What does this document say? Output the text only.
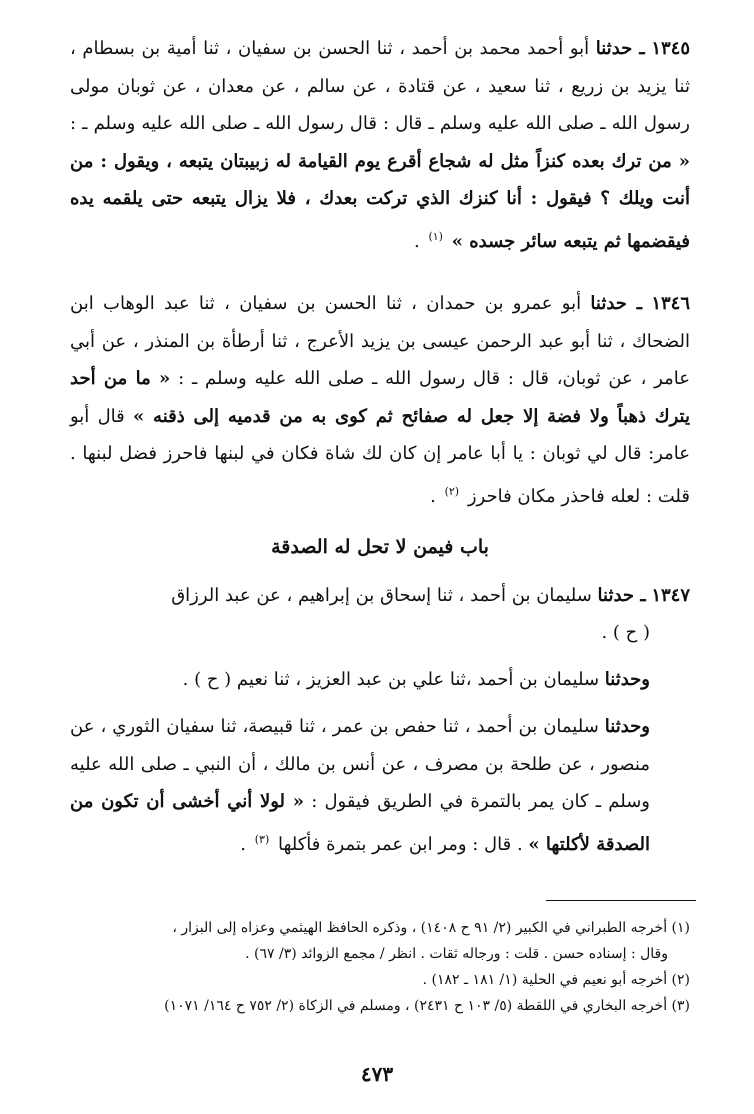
١٣٤٥ ـ حدثنا أبو أحمد محمد بن أحمد ، ثنا الحسن بن سفيان ، ثنا أمية بن بسطام ، ثنا يزيد بن زريع ، ثنا سعيد ، عن قتادة ، عن سالم ، عن معدان ، عن ثوبان مولى رسول الله ـ صلى الله عليه وسلم ـ قال : قال رسول الله ـ صلى الله عليه وسلم ـ : « من ترك بعده كنزاً مثل له شجاع أقرع يوم القيامة له زبيبتان يتبعه ، ويقول : من أنت ويلك ؟ فيقول : أنا كنزك الذي تركت بعدك ، فلا يزال يتبعه حتى يلقمه يده فيقضمها ثم يتبعه سائر جسده » $^{(١)}$ .

١٣٤٦ ـ حدثنا أبو عمرو بن حمدان ، ثنا الحسن بن سفيان ، ثنا عبد الوهاب ابن الضحاك ، ثنا أبو عبد الرحمن عيسى بن يزيد الأعرج ، ثنا أرطأة بن المنذر ، عن أبي عامر ، عن ثوبان، قال : قال رسول الله ـ صلى الله عليه وسلم ـ : « ما من أحد يترك ذهباً ولا فضة إلا جعل له صفائح ثم كوى به من قدميه إلى ذقنه » قال أبو عامر: قال لي ثوبان : يا أبا عامر إن كان لك شاة فكان في لبنها فاحرز فضل لبنها . قلت : لعله فاحذر مكان فاحرز $^{(٢)}$ .

باب فيمن لا تحل له الصدقة

١٣٤٧ ـ حدثنا سليمان بن أحمد ، ثنا إسحاق بن إبراهيم ، عن عبد الرزاق

( ح ) .

وحدثنا سليمان بن أحمد ،ثنا علي بن عبد العزيز ، ثنا نعيم ( ح ) .

وحدثنا سليمان بن أحمد ، ثنا حفص بن عمر ، ثنا قبيصة، ثنا سفيان الثوري ، عن منصور ، عن طلحة بن مصرف ، عن أنس بن مالك ، أن النبي ـ صلى الله عليه وسلم ـ كان يمر بالتمرة في الطريق فيقول : « لولا أني أخشى أن تكون من الصدقة لأكلتها » . قال : ومر ابن عمر بتمرة فأكلها $^{(٣)}$ .

(١) أخرجه الطبراني في الكبير (٢/ ٩١ ح ١٤٠٨) ، وذكره الحافظ الهيثمي وعزاه إلى البزار ،

وقال : إسناده حسن . قلت : ورجاله ثقات . انظر / مجمع الزوائد (٣/ ٦٧) .

(٢) أخرجه أبو نعيم في الحلية (١/ ١٨١ ـ ١٨٢) .

(٣) أخرجه البخاري في اللقطة (٥/ ١٠٣ ح ٢٤٣١) ، ومسلم في الزكاة (٢/ ٧٥٢ ح ١٦٤/ ١٠٧١)

٤٧٣
